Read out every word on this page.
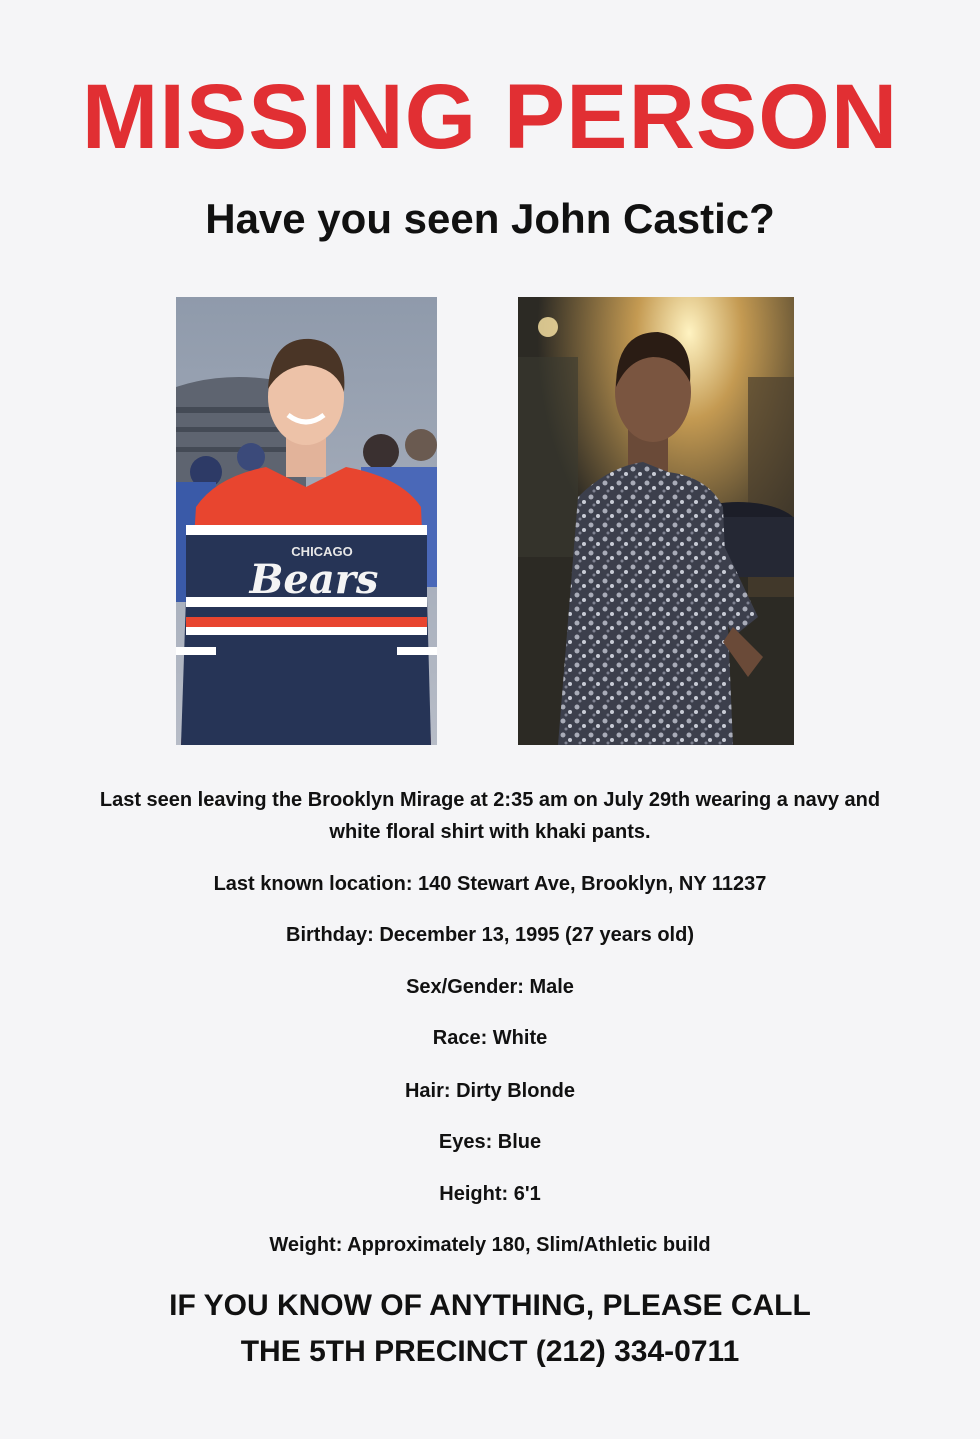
MISSING PERSON
Have you seen John Castic?
CHICAGO
Bears
Last seen leaving the Brooklyn Mirage at 2:35 am on July 29th wearing a navy and
white floral shirt with khaki pants.
Last known location: 140 Stewart Ave, Brooklyn, NY 11237
Birthday: December 13, 1995 (27 years old)
Sex/Gender: Male
Race: White
Hair: Dirty Blonde
Eyes: Blue
Height: 6'1
Weight: Approximately 180, Slim/Athletic build
IF YOU KNOW OF ANYTHING, PLEASE CALL
THE 5TH PRECINCT (212) 334-0711
